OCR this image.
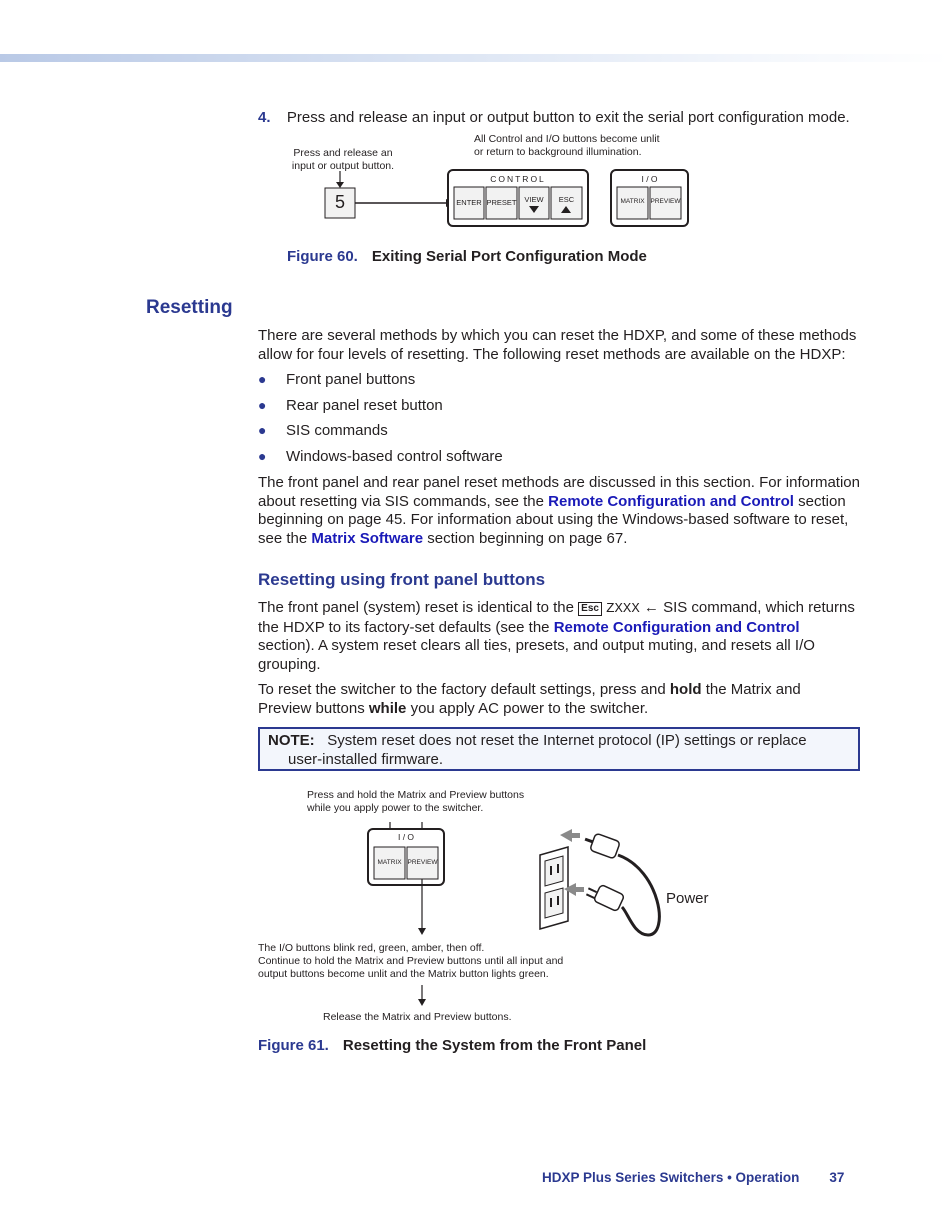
4. Press and release an input or output button to exit the serial port configuration mode.
Press and release an
input or output button.
All Control and I/O buttons become unlit
or return to background illumination.
5
CONTROL
ENTER PRESET	VIEW	ESC
I / O
MATRIX PREVIEW
Figure 60. Exiting Serial Port Configuration Mode
Resetting
There are several methods by which you can reset the HDXP, and some of these methods
allow for four levels of resetting. The following reset methods are available on the HDXP:
● Front panel buttons
● Rear panel reset button
● SIS commands
● Windows-based control software
The front panel and rear panel reset methods are discussed in this section. For information
about resetting via SIS commands, see the Remote Configuration and Control section
beginning on page 45. For information about using the Windows-based software to reset,
see the Matrix Software section beginning on page 67.
Resetting using front panel buttons
The front panel (system) reset is identical to the Esc ZXXX ← SIS command, which returns
the HDXP to its factory-set defaults (see the Remote Configuration and Control
section). A system reset clears all ties, presets, and output muting, and resets all I/O
grouping.
To reset the switcher to the factory default settings, press and hold the Matrix and
Preview buttons while you apply AC power to the switcher.
NOTE: System reset does not reset the Internet protocol (IP) settings or replace
user-installed firmware.
Press and hold the Matrix and Preview buttons
while you apply power to the switcher.
I / O
MATRIX PREVIEW
Power
The I/O buttons blink red, green, amber, then off.
Continue to hold the Matrix and Preview buttons until all input and
output buttons become unlit and the Matrix button lights green.
Release the Matrix and Preview buttons.
Figure 61. Resetting the System from the Front Panel
HDXP Plus Series Switchers • Operation 37
